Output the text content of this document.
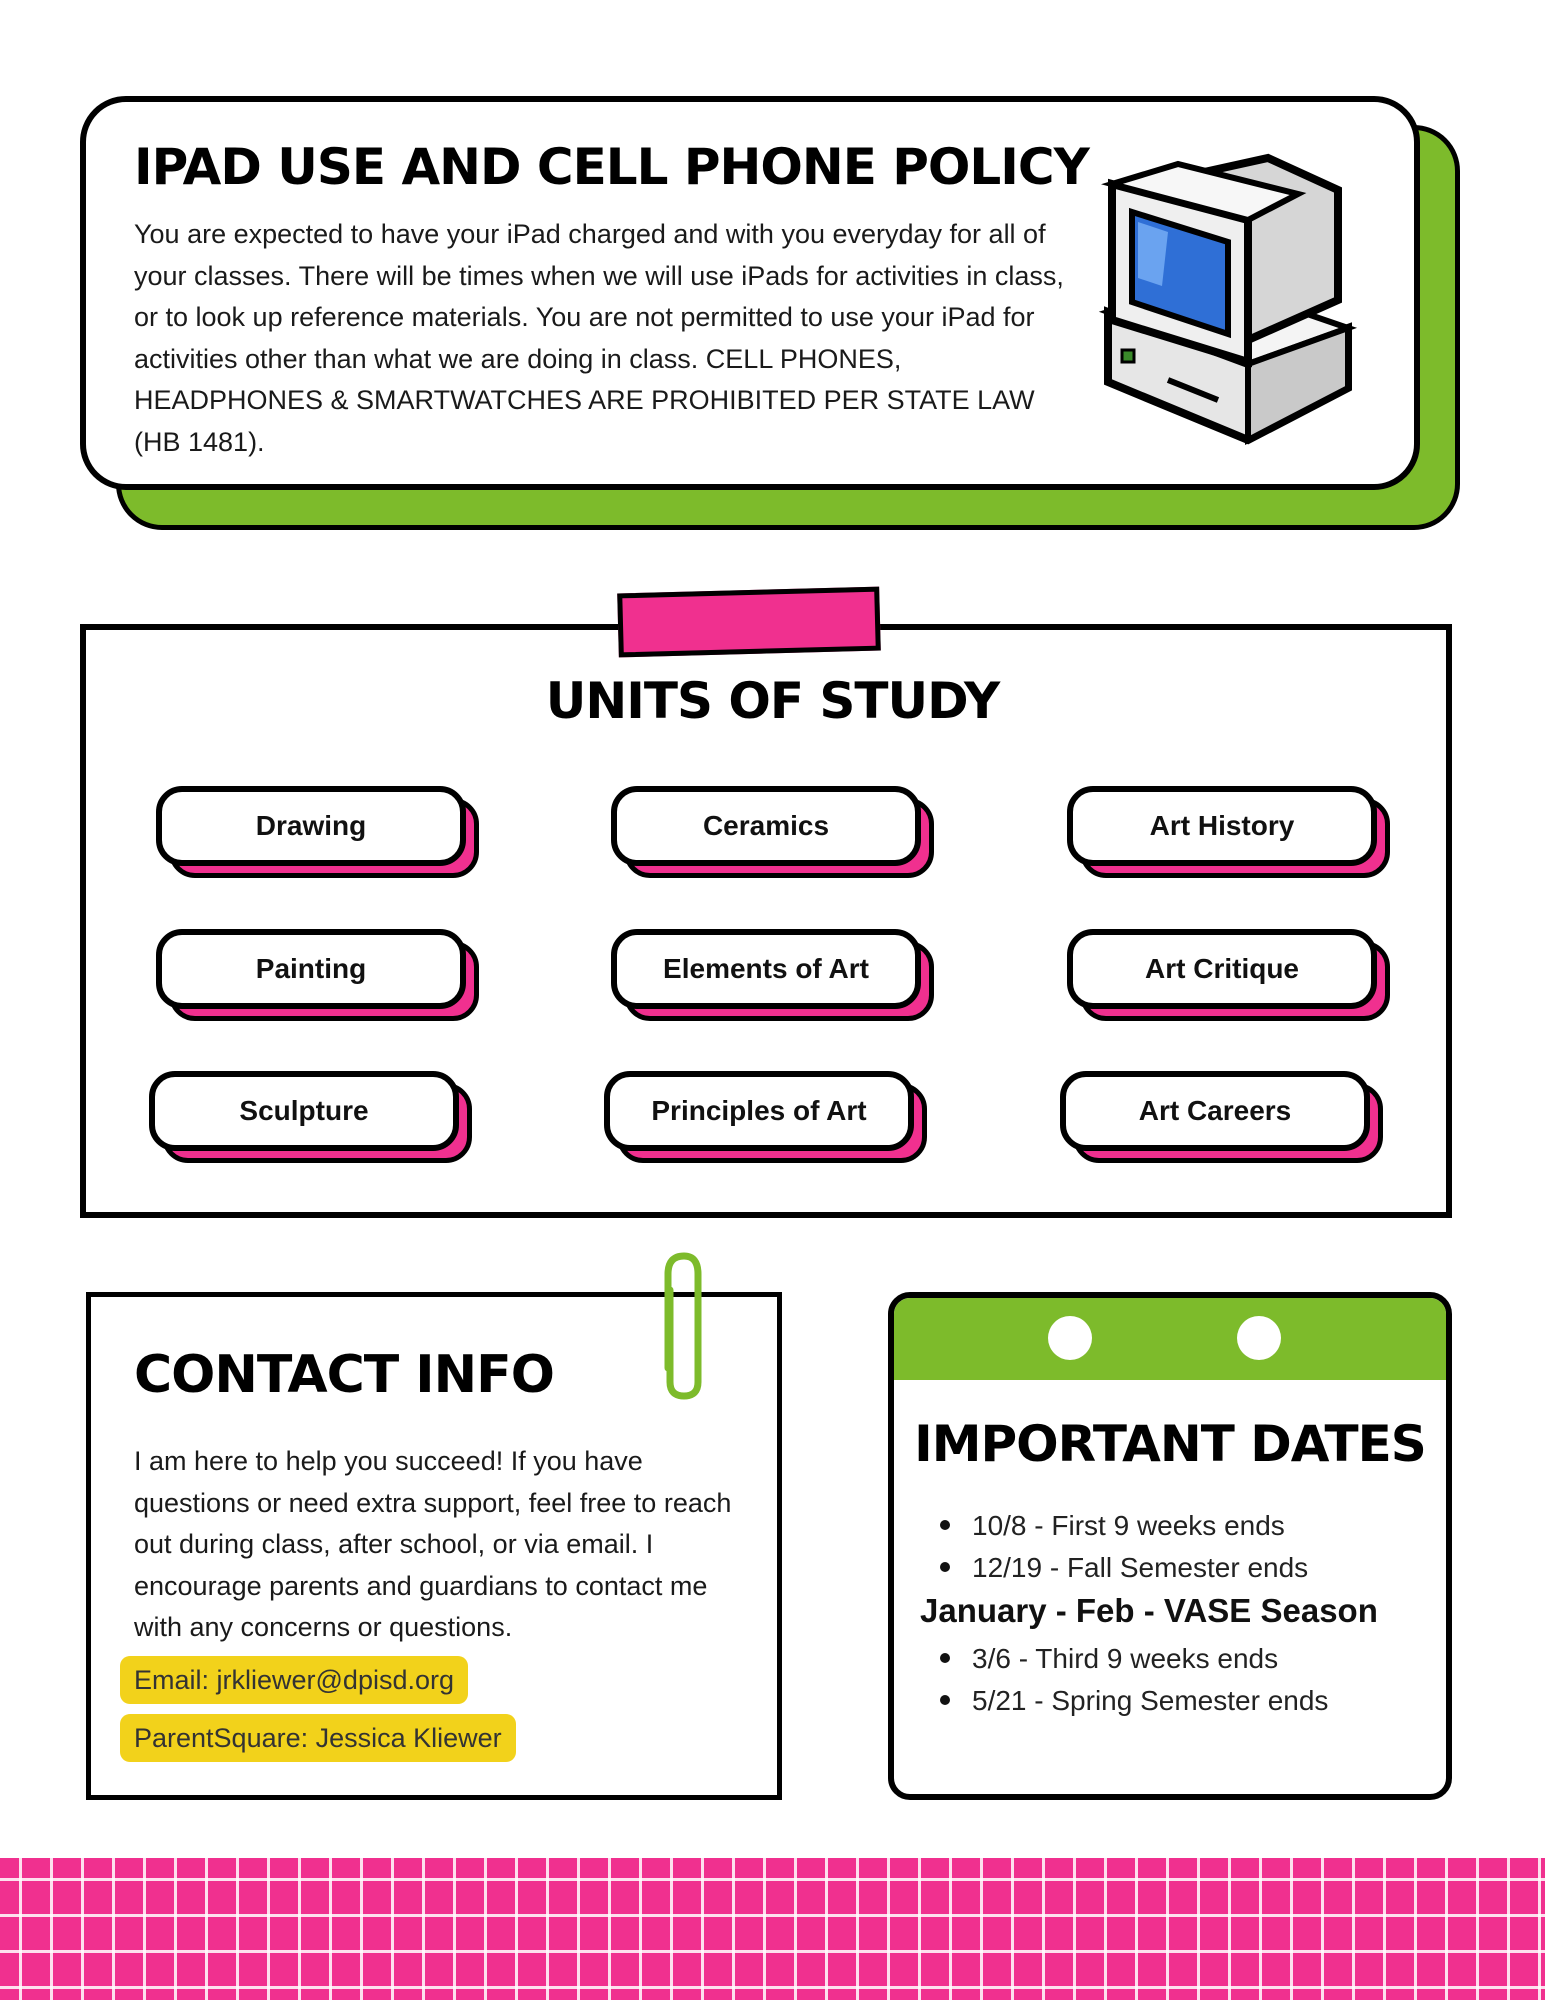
IPAD USE AND CELL PHONE POLICY
You are expected to have your iPad charged and with you everyday for all of your classes. There will be times when we will use iPads for activities in class, or to look up reference materials. You are not permitted to use your iPad for activities other than what we are doing in class. CELL PHONES, HEADPHONES & SMARTWATCHES ARE PROHIBITED PER STATE LAW (HB 1481).
UNITS OF STUDY
Drawing	Ceramics	Art History
Painting	Elements of Art	Art Critique
Sculpture	Principles of Art	Art Careers
CONTACT INFO
I am here to help you succeed! If you have questions or need extra support, feel free to reach out during class, after school, or via email. I encourage parents and guardians to contact me with any concerns or questions.
Email: jrkliewer@dpisd.org
ParentSquare: Jessica Kliewer
IMPORTANT DATES
10/8 - First 9 weeks ends
12/19 - Fall Semester ends
January - Feb - VASE Season
3/6 - Third 9 weeks ends
5/21 - Spring Semester ends
